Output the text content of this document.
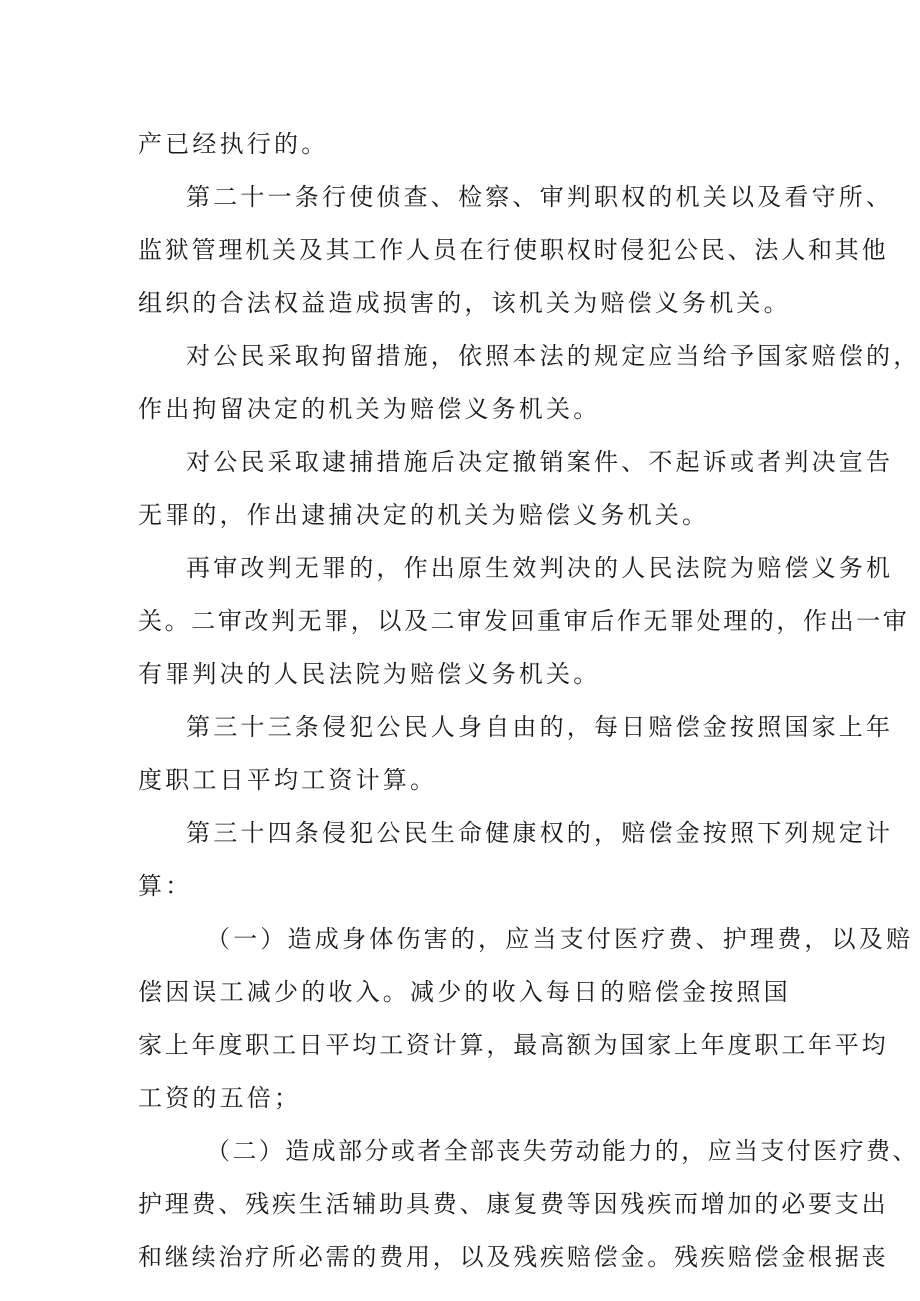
产已经执行的。
第二十一条行使侦查、检察、审判职权的机关以及看守所、
监狱管理机关及其工作人员在行使职权时侵犯公民、法人和其他
组织的合法权益造成损害的，该机关为赔偿义务机关。
对公民采取拘留措施，依照本法的规定应当给予国家赔偿的，
作出拘留决定的机关为赔偿义务机关。
对公民采取逮捕措施后决定撤销案件、不起诉或者判决宣告
无罪的，作出逮捕决定的机关为赔偿义务机关。
再审改判无罪的，作出原生效判决的人民法院为赔偿义务机
关。二审改判无罪，以及二审发回重审后作无罪处理的，作出一审
有罪判决的人民法院为赔偿义务机关。
第三十三条侵犯公民人身自由的，每日赔偿金按照国家上年
度职工日平均工资计算。
第三十四条侵犯公民生命健康权的，赔偿金按照下列规定计
算：
（一）造成身体伤害的，应当支付医疗费、护理费，以及赔
偿因误工减少的收入。减少的收入每日的赔偿金按照国
家上年度职工日平均工资计算，最高额为国家上年度职工年平均
工资的五倍；
（二）造成部分或者全部丧失劳动能力的，应当支付医疗费、
护理费、残疾生活辅助具费、康复费等因残疾而增加的必要支出
和继续治疗所必需的费用，以及残疾赔偿金。残疾赔偿金根据丧
